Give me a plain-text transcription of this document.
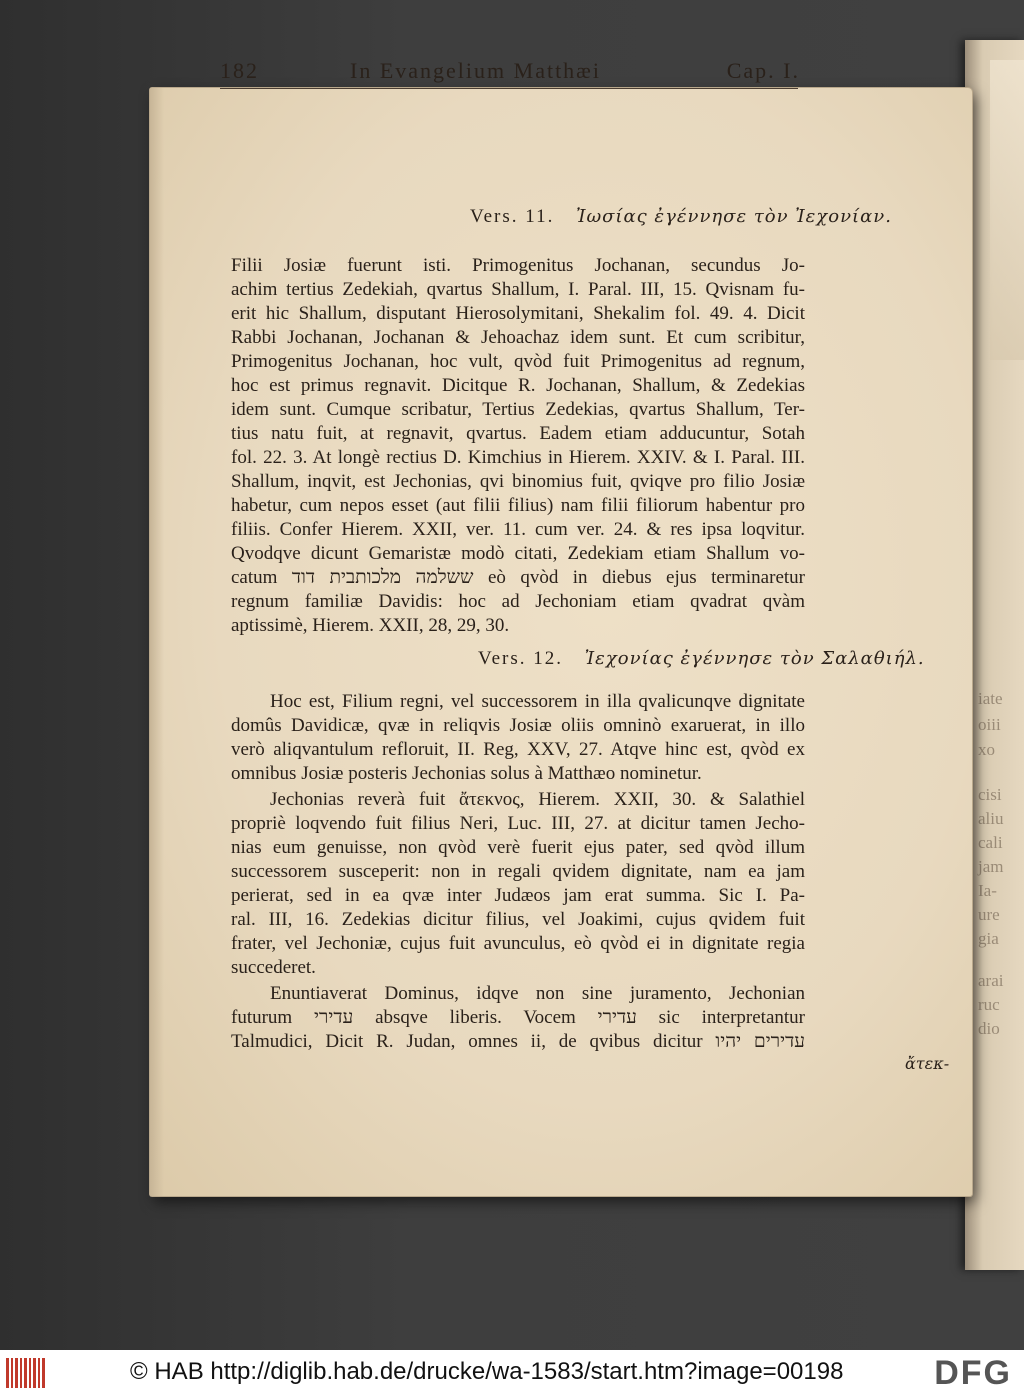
iate
oiii
xo
cisi
aliu
cali
jam
Ia-
ure
gia
arai
ruc
dio
182	In Evangelium Matthæi	Cap. I.
Vers. 11. Ἰωσίας ἐγέννησε τὸν Ἰεχονίαν.
Filii Josiæ fuerunt isti. Primogenitus Jochanan, secundus Jo-
achim tertius Zedekiah, qvartus Shallum, I. Paral. III, 15. Qvisnam fu-
erit hic Shallum, disputant Hierosolymitani, Shekalim fol. 49. 4. Dicit
Rabbi Jochanan, Jochanan & Jehoachaz idem sunt. Et cum scribitur,
Primogenitus Jochanan, hoc vult, qvòd fuit Primogenitus ad regnum,
hoc est primus regnavit. Dicitque R. Jochanan, Shallum, & Zedekias
idem sunt. Cumque scribatur, Tertius Zedekias, qvartus Shallum, Ter-
tius natu fuit, at regnavit, qvartus. Eadem etiam adducuntur, Sotah
fol. 22. 3. At longè rectius D. Kimchius in Hierem. XXIV. & I. Paral. III.
Shallum, inqvit, est Jechonias, qvi binomius fuit, qviqve pro filio Josiæ
habetur, cum nepos esset (aut filii filius) nam filii filiorum habentur pro
filiis. Confer Hierem. XXII, ver. 11. cum ver. 24. & res ipsa loqvitur.
Qvodqve dicunt Gemaristæ modò citati, Zedekiam etiam Shallum vo-
catum ששלמה מלכותבית דוד eò qvòd in diebus ejus terminaretur
regnum familiæ Davidis: hoc ad Jechoniam etiam qvadrat qvàm
aptissimè, Hierem. XXII, 28, 29, 30.
Vers. 12. Ἰεχονίας ἐγέννησε τὸν Σαλαθιήλ.
Hoc est, Filium regni, vel successorem in illa qvalicunqve dignitate
domûs Davidicæ, qvæ in reliqvis Josiæ oliis omninò exaruerat, in illo
verò aliqvantulum refloruit, II. Reg, XXV, 27. Atqve hinc est, qvòd ex
omnibus Josiæ posteris Jechonias solus à Matthæo nominetur.
Jechonias reverà fuit ἄτεκνος, Hierem. XXII, 30. & Salathiel
propriè loqvendo fuit filius Neri, Luc. III, 27. at dicitur tamen Jecho-
nias eum genuisse, non qvòd verè fuerit ejus pater, sed qvòd illum
successorem susceperit: non in regali qvidem dignitate, nam ea jam
perierat, sed in ea qvæ inter Judæos jam erat summa. Sic I. Pa-
ral. III, 16. Zedekias dicitur filius, vel Joakimi, cujus qvidem fuit
frater, vel Jechoniæ, cujus fuit avunculus, eò qvòd ei in dignitate regia
succederet.
Enuntiaverat Dominus, idqve non sine juramento, Jechonian
futurum עדירי absqve liberis. Vocem עדירי sic interpretantur
Talmudici, Dicit R. Judan, omnes ii, de qvibus dicitur עדירים יהיו
ἄτεκ-
© HAB http://diglib.hab.de/drucke/wa-1583/start.htm?image=00198	DFG
